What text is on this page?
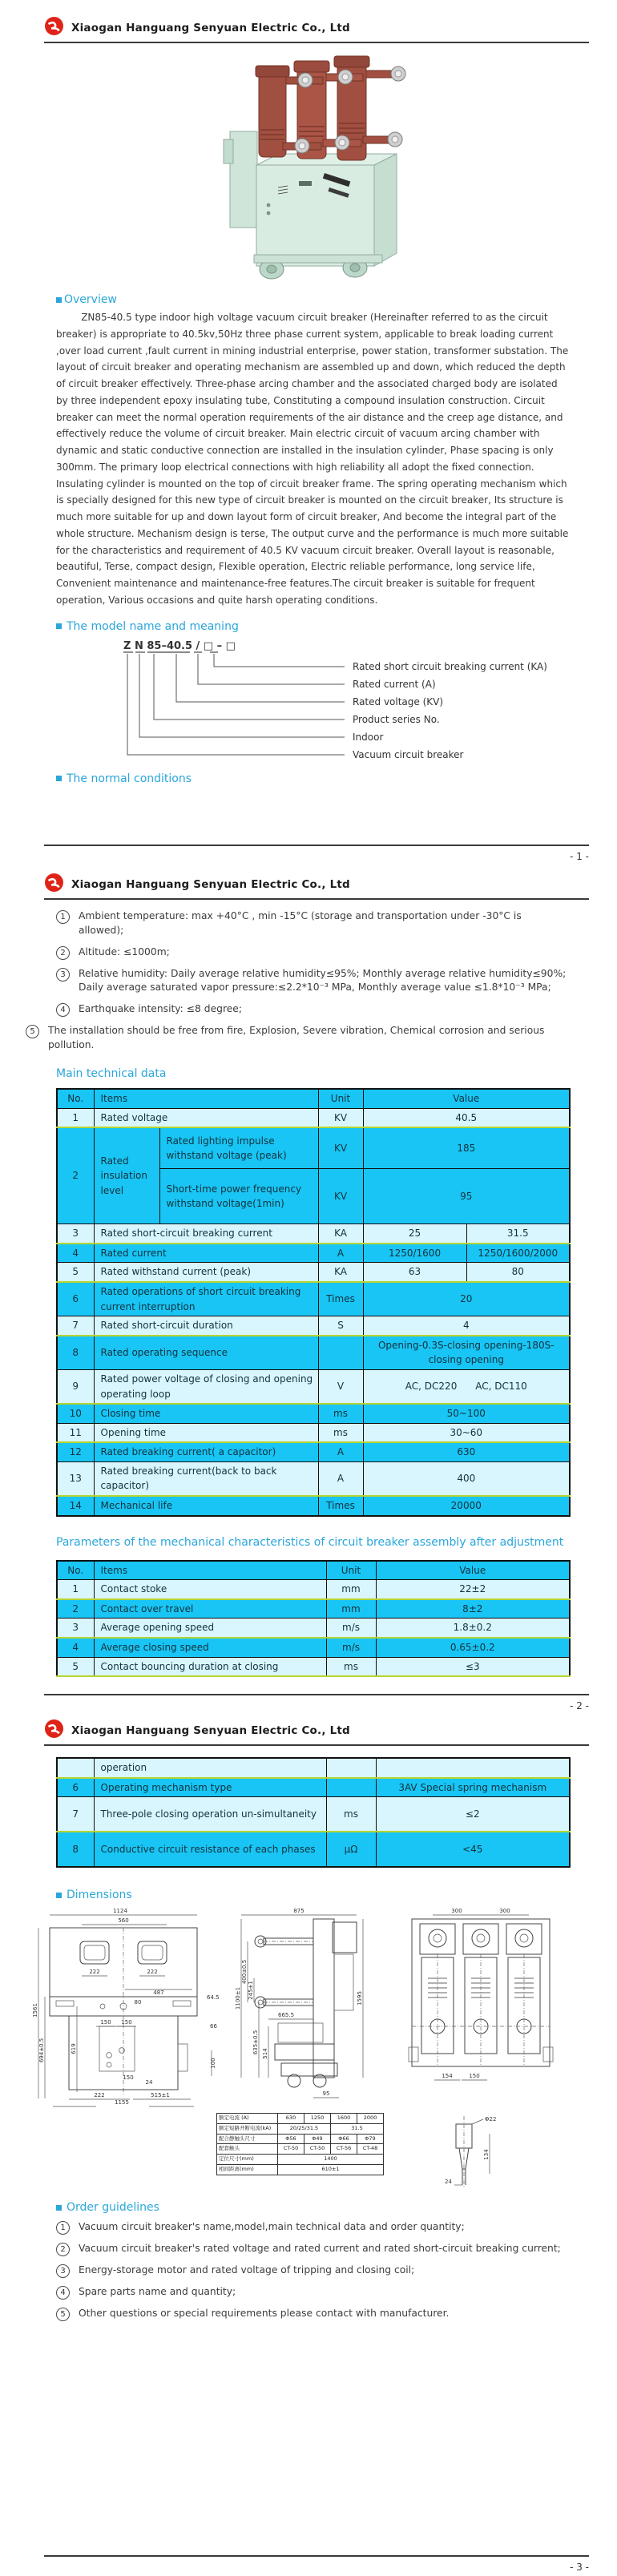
Xiaogan Hanguang Senyuan Electric Co., Ltd
Overview
ZN85-40.5 type indoor high voltage vacuum circuit breaker (Hereinafter referred to as the circuit breaker) is appropriate to 40.5kv,50Hz three phase current system, applicable to break loading current ,over load current ,fault current in mining industrial enterprise, power station, transformer substation. The layout of circuit breaker and operating mechanism are assembled up and down, which reduced the depth of circuit breaker effectively. Three-phase arcing chamber and the associated charged body are isolated by three independent epoxy insulating tube, Constituting a compound insulation construction. Circuit breaker can meet the normal operation requirements of the air distance and the creep age distance, and effectively reduce the volume of circuit breaker. Main electric circuit of vacuum arcing chamber with dynamic and static conductive connection are installed in the insulation cylinder, Phase spacing is only 300mm. The primary loop electrical connections with high reliability all adopt the fixed connection. Insulating cylinder is mounted on the top of circuit breaker frame. The spring operating mechanism which is specially designed for this new type of circuit breaker is mounted on the circuit breaker, Its structure is much more suitable for up and down layout form of circuit breaker, And become the integral part of the whole structure. Mechanism design is terse, The output curve and the performance is much more suitable for the characteristics and requirement of 40.5 KV vacuum circuit breaker. Overall layout is reasonable, beautiful, Terse, compact design, Flexible operation, Electric reliable performance, long service life, Convenient maintenance and maintenance-free features.The circuit breaker is suitable for frequent operation, Various occasions and quite harsh operating conditions.
The model name and meaning
Z N 85–40.5 / □ – □
Rated short circuit breaking current (KA)
Rated current (A)
Rated voltage (KV)
Product series No.
Indoor
Vacuum circuit breaker
The normal conditions
- 1 -
Xiaogan Hanguang Senyuan Electric Co., Ltd
1	Ambient temperature: max +40°C , min -15°C (storage and transportation under -30°C is allowed);
2	Altitude: ≤1000m;
3	Relative humidity: Daily average relative humidity≤95%; Monthly average relative humidity≤90%; Daily average saturated vapor pressure:≤2.2*10⁻³ MPa, Monthly average value ≤1.8*10⁻³ MPa;
4	Earthquake intensity: ≤8 degree;
5	The installation should be free from fire, Explosion, Severe vibration, Chemical corrosion and serious pollution.
Main technical data
No.	Items		Unit	Value	
1	Rated voltage		KV	40.5	
2	Rated insulation level	Rated lighting impulse withstand voltage (peak)	KV	185	
		Short-time power frequency withstand voltage(1min)	KV	95	
3	Rated short-circuit breaking current		KA	25	31.5
4	Rated current		A	1250/1600	1250/1600/2000
5	Rated withstand current (peak)		KA	63	80
6	Rated operations of short circuit breaking current interruption		Times	20	
7	Rated short-circuit duration		S	4	
8	Rated operating sequence			Opening-0.3S-closing opening-180S-closing opening	
9	Rated power voltage of closing and opening operating loop		V	AC, DC220      AC, DC110	
10	Closing time		ms	50~100	
11	Opening time		ms	30~60	
12	Rated breaking current( a capacitor)		A	630	
13	Rated breaking current(back to back capacitor)		A	400	
14	Mechanical life		Times	20000	
Parameters of the mechanical characteristics of circuit breaker assembly after adjustment
No.	Items	Unit	Value
1	Contact stoke	mm	22±2
2	Contact over travel	mm	8±2
3	Average opening speed	m/s	1.8±0.2
4	Average closing speed	m/s	0.65±0.2
5	Contact bouncing duration at closing	ms	≤3
- 2 -
Xiaogan Hanguang Senyuan Electric Co., Ltd
	operation		
6	Operating mechanism type		3AV Special spring mechanism
7	Three-pole closing operation un-simultaneity	ms	≤2
8	Conductive circuit resistance of each phases	μΩ	<45
Dimensions
1124
560
222	222
1561
694±0.5	619
487
80
64.5
66
150 150
100
24
150
222	515±1
1155
875
400±0.5
1100±1 245±1
665.5
635±0.5 514
1595
95
300	300
154	150
额定电流 (A)	630	1250	1600	2000
额定短路开断电流(kA)	20/25/31.5		31.5	
配合静触头尺寸	Φ56	Φ49	Φ66	Φ79
配套触头	CT-50	CT-50	CT-56	CT-48
定位尺寸(mm)	1400			
相间距离(mm)	610±1			
Φ22
134
24
Order guidelines
1	Vacuum circuit breaker's name,model,main technical data and order quantity;
2	Vacuum circuit breaker's rated voltage and rated current and rated short-circuit breaking current;
3	Energy-storage motor and rated voltage of tripping and closing coil;
4	Spare parts name and quantity;
5	Other questions or special requirements please contact with manufacturer.
- 3 -
